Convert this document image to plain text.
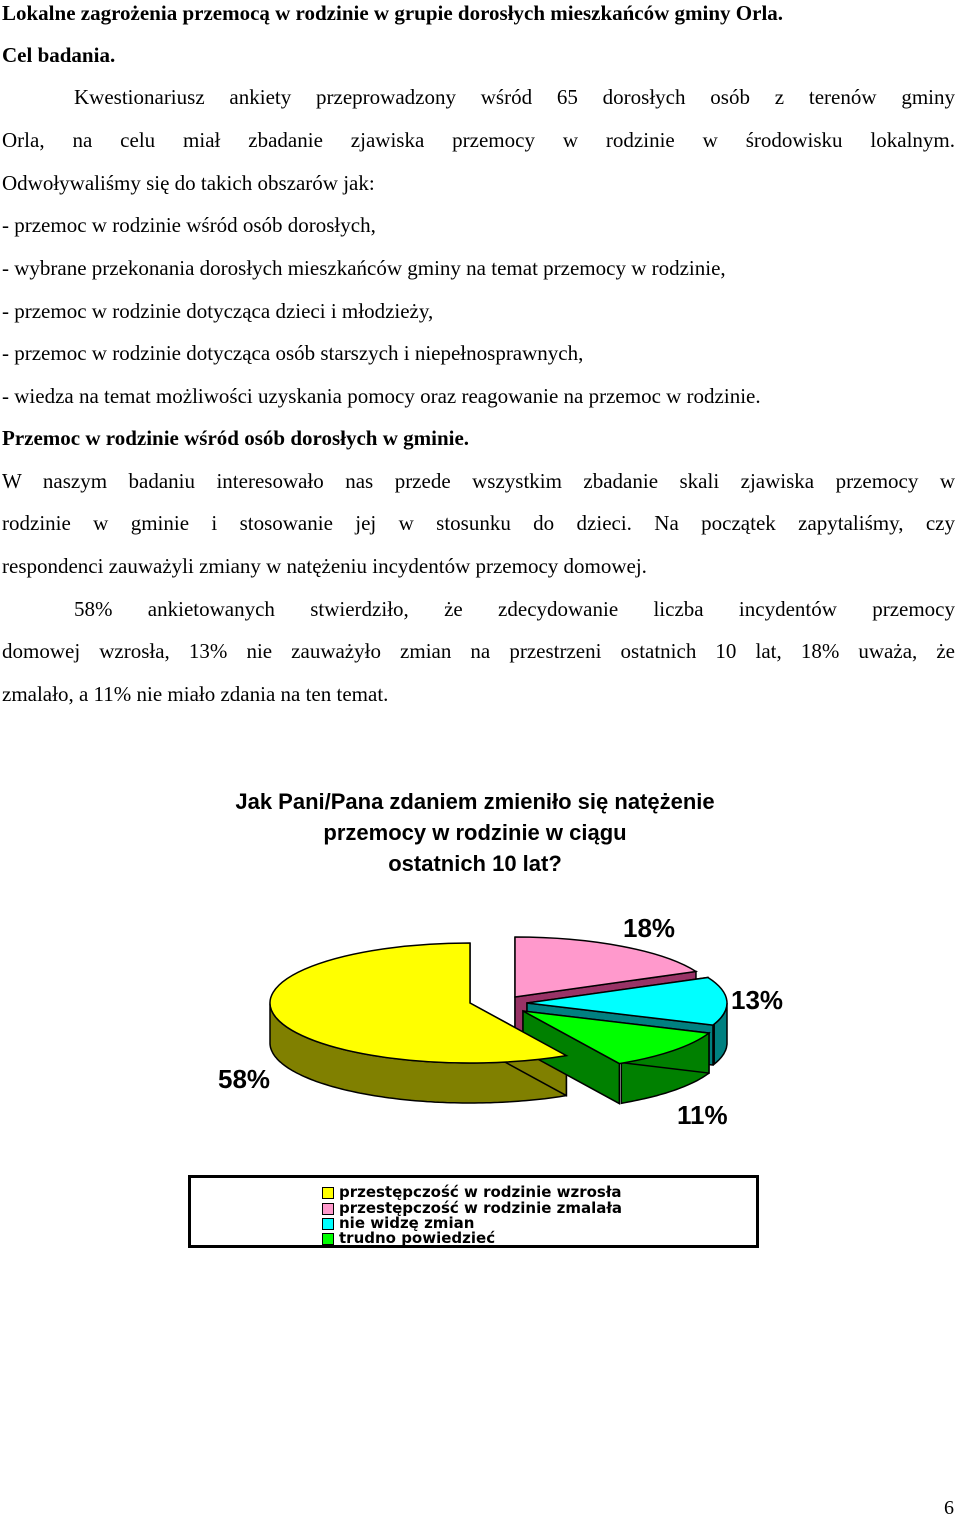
Lokalne zagrożenia przemocą w rodzinie w grupie dorosłych mieszkańców gminy Orla.
Cel badania.
Kwestionariusz ankiety przeprowadzony wśród 65 dorosłych osób z terenów gminy
Orla, na celu miał zbadanie zjawiska przemocy w rodzinie w środowisku lokalnym.
Odwoływaliśmy się do takich obszarów jak:
- przemoc w rodzinie wśród osób dorosłych,
- wybrane przekonania dorosłych mieszkańców gminy na temat przemocy w rodzinie,
- przemoc w rodzinie dotycząca dzieci i młodzieży,
- przemoc w rodzinie dotycząca osób starszych i niepełnosprawnych,
- wiedza na temat możliwości uzyskania pomocy oraz reagowanie na przemoc w rodzinie.
Przemoc w rodzinie wśród osób dorosłych w gminie.
W naszym badaniu interesowało nas przede wszystkim zbadanie skali zjawiska przemocy w
rodzinie w gminie i stosowanie jej w stosunku do dzieci. Na początek zapytaliśmy, czy
respondenci zauważyli zmiany w natężeniu incydentów przemocy domowej.
58% ankietowanych stwierdziło, że zdecydowanie liczba incydentów przemocy
domowej wzrosła, 13% nie zauważyło zmian na przestrzeni ostatnich 10 lat, 18% uważa, że
zmalało, a 11% nie miało zdania na ten temat.
Jak Pani/Pana zdaniem zmieniło się natężenie
przemocy w rodzinie w ciągu
ostatnich 10 lat?
58%
18%
13%
11%
przestępczość w rodzinie wzrosła
przestępczość w rodzinie zmalała
nie widzę zmian
trudno powiedzieć
6
